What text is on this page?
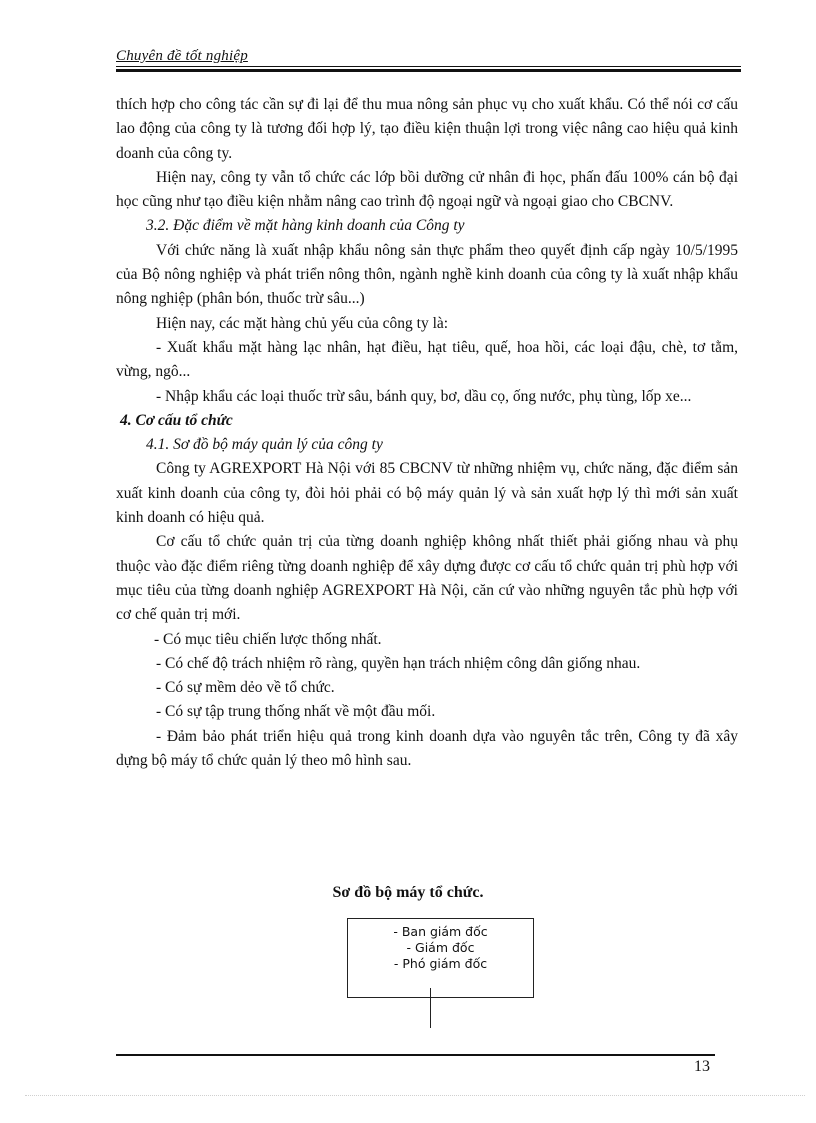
Chuyên đề tốt nghiệp

thích hợp cho công tác cần sự đi lại để thu mua nông sản phục vụ cho xuất khẩu. Có thể nói cơ cấu lao động của công ty là tương đối hợp lý, tạo điều kiện thuận lợi trong việc nâng cao hiệu quả kinh doanh của công ty.

Hiện nay, công ty vẫn tổ chức các lớp bồi dưỡng cử nhân đi học, phấn đấu 100% cán bộ đại học cũng như tạo điều kiện nhằm nâng cao trình độ ngoại ngữ và ngoại giao cho CBCNV.

3.2. Đặc điểm về mặt hàng kinh doanh của Công ty

Với chức năng là xuất nhập khẩu nông sản thực phẩm theo quyết định cấp ngày 10/5/1995 của Bộ nông nghiệp và phát triển nông thôn, ngành nghề kinh doanh của công ty là xuất nhập khẩu nông nghiệp (phân bón, thuốc trừ sâu...)

Hiện nay, các mặt hàng chủ yếu của công ty là:

- Xuất khẩu mặt hàng lạc nhân, hạt điều, hạt tiêu, quế, hoa hồi, các loại đậu, chè, tơ tằm, vừng, ngô...

- Nhập khẩu các loại thuốc trừ sâu, bánh quy, bơ, dầu cọ, ống nước, phụ tùng, lốp xe...

4. Cơ cấu tổ chức

4.1. Sơ đồ bộ máy quản lý của công ty

Công ty AGREXPORT Hà Nội với 85 CBCNV từ những nhiệm vụ, chức năng, đặc điểm sản xuất kinh doanh của công ty, đòi hỏi phải có bộ máy quản lý và sản xuất hợp lý thì mới sản xuất kinh doanh có hiệu quả.

Cơ cấu tổ chức quản trị của từng doanh nghiệp không nhất thiết phải giống nhau và phụ thuộc vào đặc điểm riêng từng doanh nghiệp để xây dựng được cơ cấu tổ chức quản trị phù hợp với mục tiêu của từng doanh nghiệp AGREXPORT Hà Nội, căn cứ vào những nguyên tắc phù hợp với cơ chế quản trị mới.

- Có mục tiêu chiến lược thống nhất.

- Có chế độ trách nhiệm rõ ràng, quyền hạn trách nhiệm công dân giống nhau.

- Có sự mềm dẻo về tổ chức.

- Có sự tập trung thống nhất về một đầu mối.

- Đảm bảo phát triển hiệu quả trong kinh doanh dựa vào nguyên tắc trên, Công ty đã xây dựng bộ máy tổ chức quản lý theo mô hình sau.

Sơ đồ bộ máy tổ chức.
- Ban giám đốc
- Giám đốc
- Phó giám đốc
13
